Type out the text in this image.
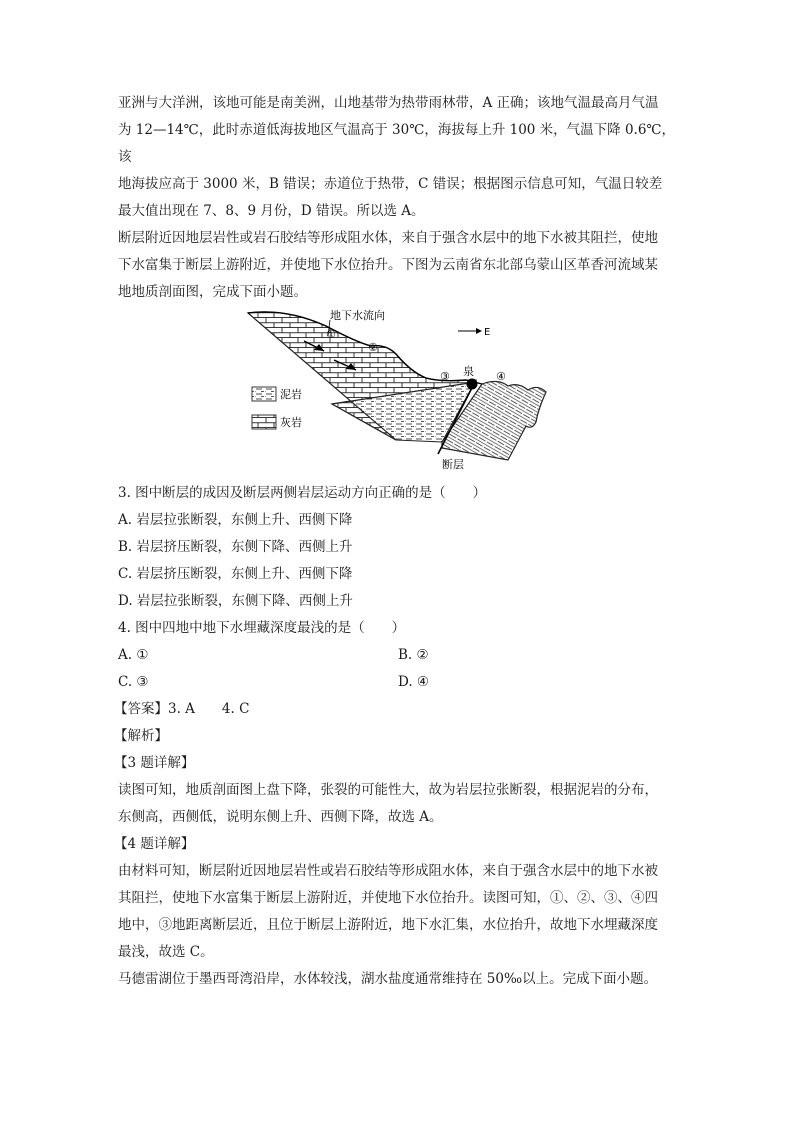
亚洲与大洋洲，该地可能是南美洲，山地基带为热带雨林带，A 正确；该地气温最高月气温

为 12—14℃，此时赤道低海拔地区气温高于 30℃，海拔每上升 100 米，气温下降 0.6℃，该

地海拔应高于 3000 米，B 错误；赤道位于热带，C 错误；根据图示信息可知，气温日较差

最大值出现在 7、8、9 月份，D 错误。所以选 A。

断层附近因地层岩性或岩石胶结等形成阻水体，来自于强含水层中的地下水被其阻拦，使地

下水富集于断层上游附近，并使地下水位抬升。下图为云南省东北部乌蒙山区革香河流域某

地地质剖面图，完成下面小题。

地下水流向
①
②
③ 泉 ④
E
泥岩
灰岩
断层

3. 图中断层的成因及断层两侧岩层运动方向正确的是（　　）

A. 岩层拉张断裂，东侧上升、西侧下降

B. 岩层挤压断裂，东侧下降、西侧上升

C. 岩层挤压断裂，东侧上升、西侧下降

D. 岩层拉张断裂，东侧下降、西侧上升

4. 图中四地中地下水埋藏深度最浅的是（　　）

A. ①	B. ②
C. ③	D. ④

【答案】3. A　　4. C

【解析】

【3 题详解】

读图可知，地质剖面图上盘下降，张裂的可能性大，故为岩层拉张断裂，根据泥岩的分布，

东侧高，西侧低，说明东侧上升、西侧下降，故选 A。

【4 题详解】

由材料可知，断层附近因地层岩性或岩石胶结等形成阻水体，来自于强含水层中的地下水被

其阻拦，使地下水富集于断层上游附近，并使地下水位抬升。读图可知，①、②、③、④四

地中，③地距离断层近，且位于断层上游附近，地下水汇集，水位抬升，故地下水埋藏深度

最浅，故选 C。

马德雷湖位于墨西哥湾沿岸，水体较浅，湖水盐度通常维持在 50‰以上。完成下面小题。
